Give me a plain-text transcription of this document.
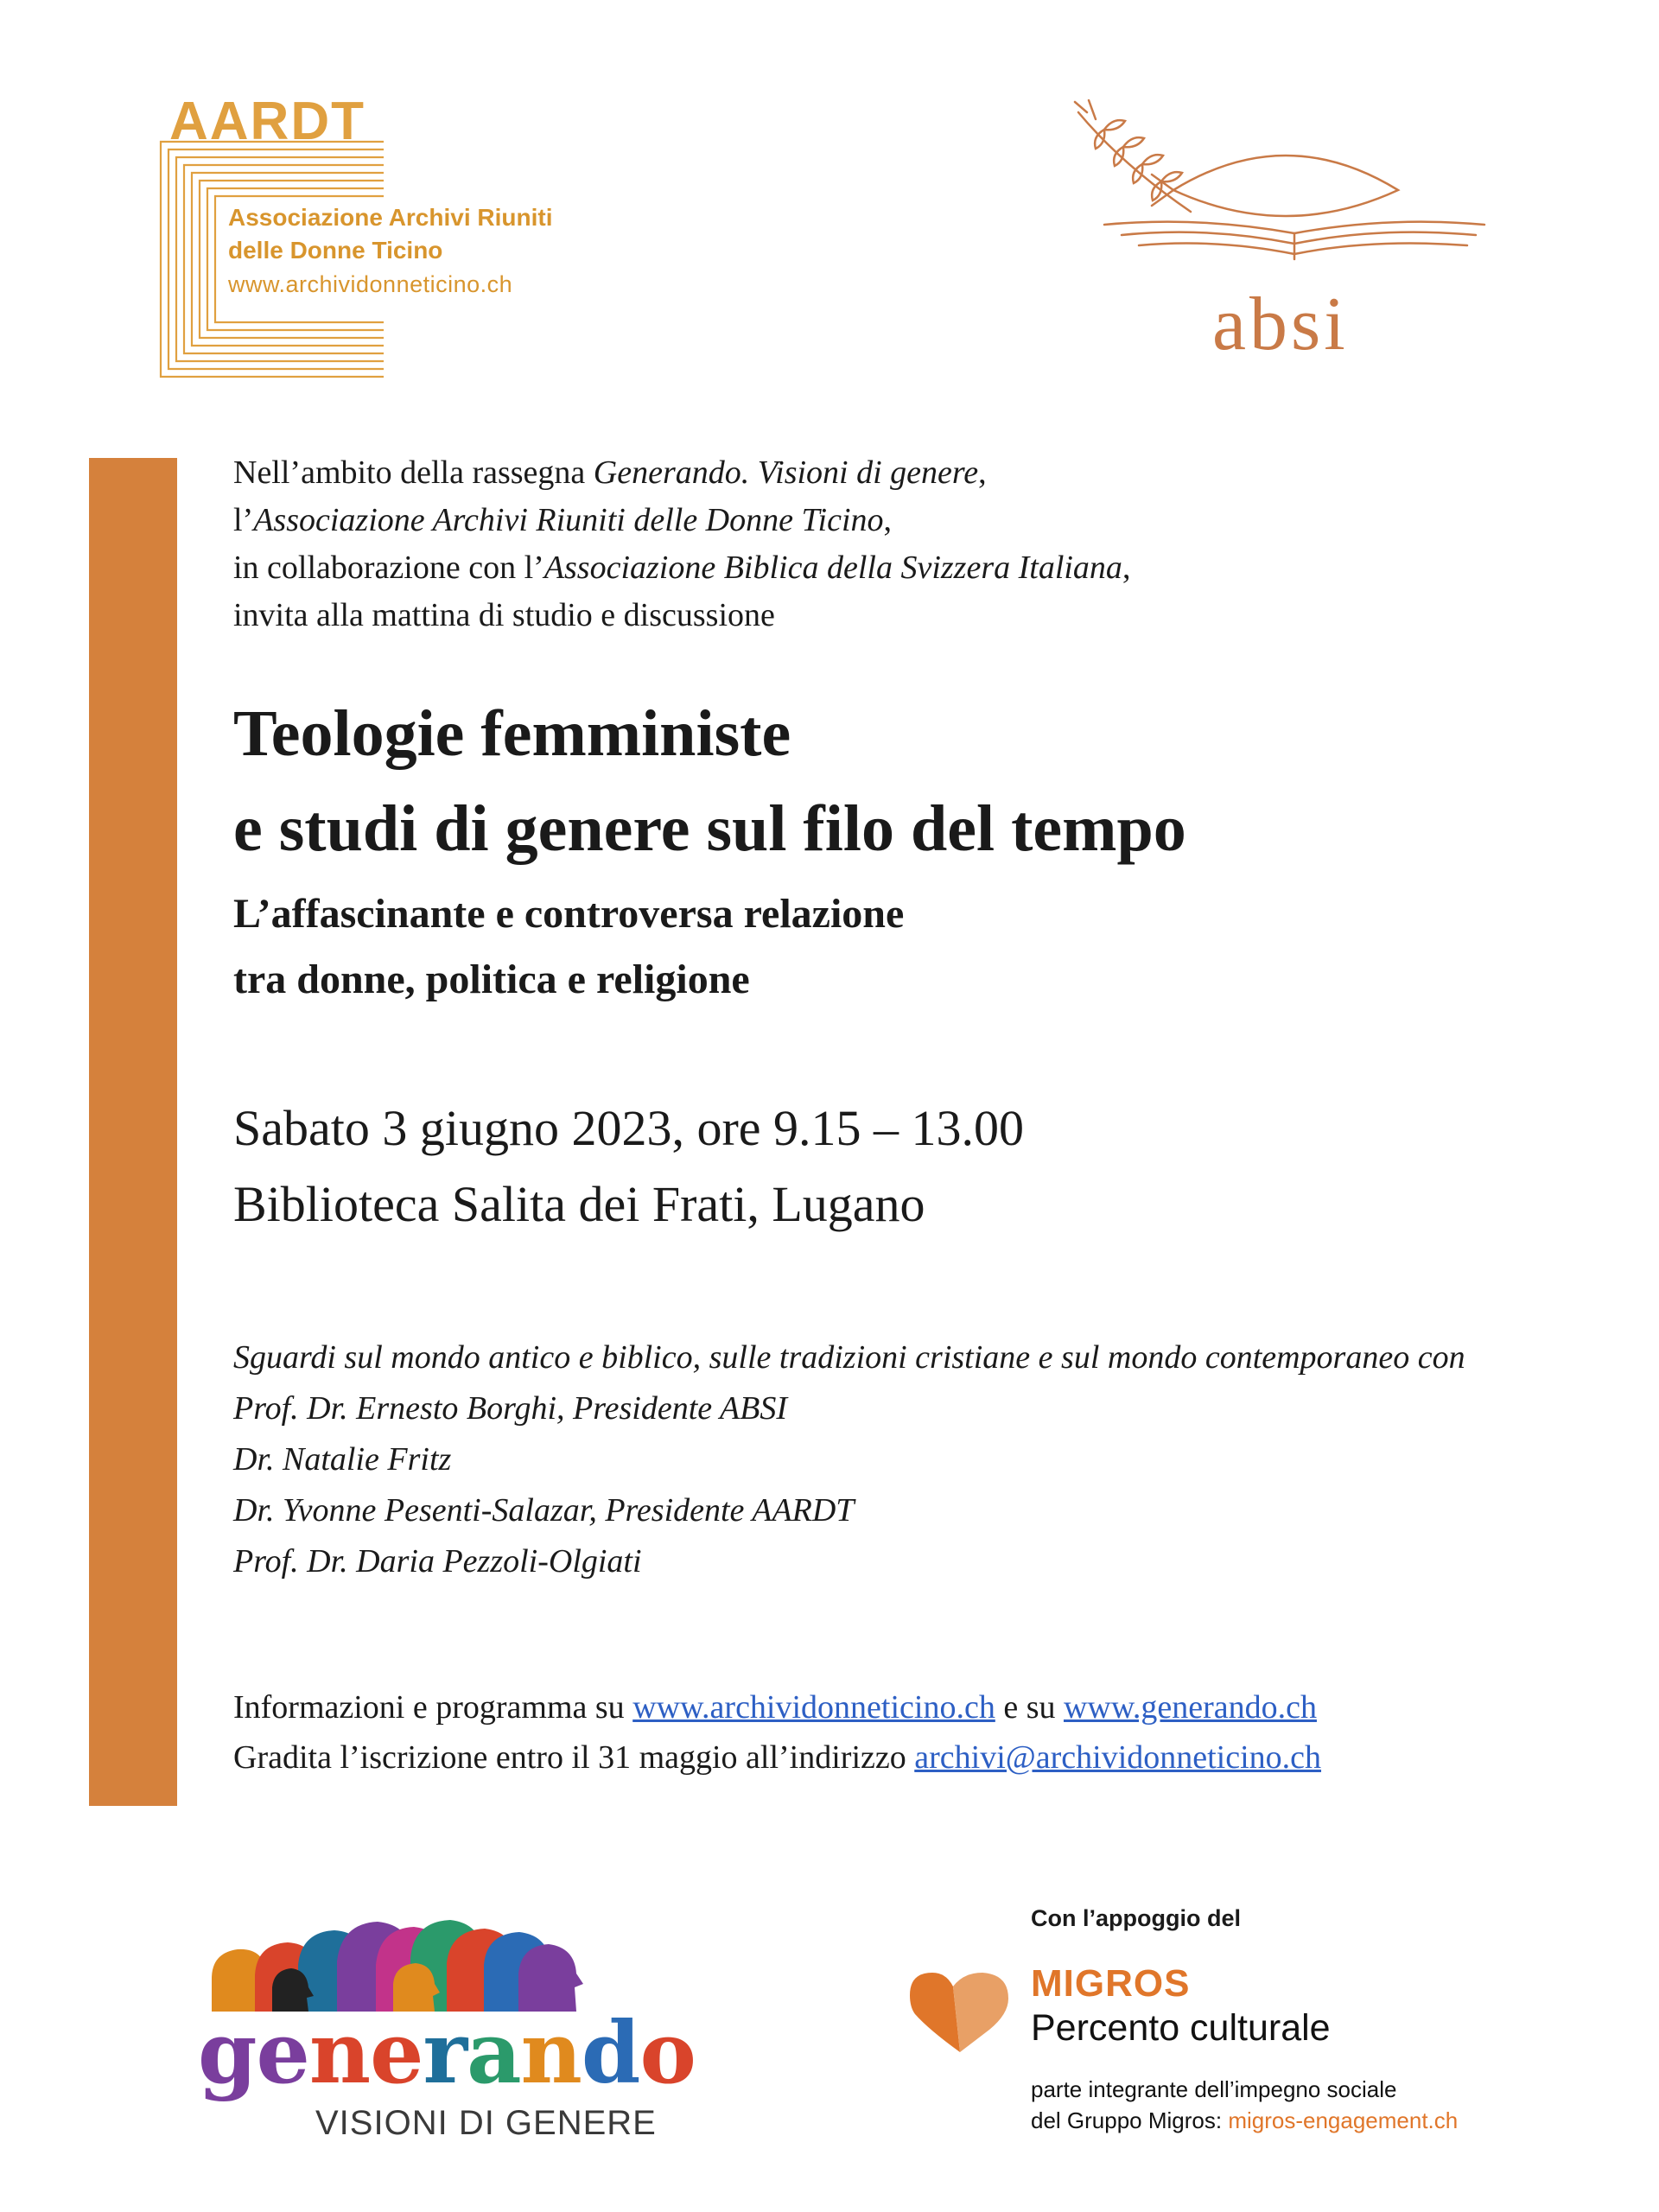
AARDT

Associazione Archivi Riuniti
delle Donne Ticino
www.archividonneticino.ch	absi

Nell’ambito della rassegna Generando. Visioni di genere,

l’Associazione Archivi Riuniti delle Donne Ticino,

in collaborazione con l’Associazione Biblica della Svizzera Italiana,

invita alla mattina di studio e discussione

Teologie femministe
e studi di genere sul filo del tempo
L’affascinante e controversa relazione
tra donne, politica e religione
Sabato 3 giugno 2023, ore 9.15 – 13.00
Biblioteca Salita dei Frati, Lugano
Sguardi sul mondo antico e biblico, sulle tradizioni cristiane e sul mondo contemporaneo con
Prof. Dr. Ernesto Borghi, Presidente ABSI
Dr. Natalie Fritz
Dr. Yvonne Pesenti-Salazar, Presidente AARDT
Prof. Dr. Daria Pezzoli-Olgiati
Informazioni e programma su www.archividonneticino.ch e su www.generando.ch
Gradita l’iscrizione entro il 31 maggio all’indirizzo archivi@archividonneticino.ch

generando

VISIONI DI GENERE

Con l’appoggio del

MIGROS

Percento culturale

parte integrante dell’impegno sociale

del Gruppo Migros: migros-engagement.ch
